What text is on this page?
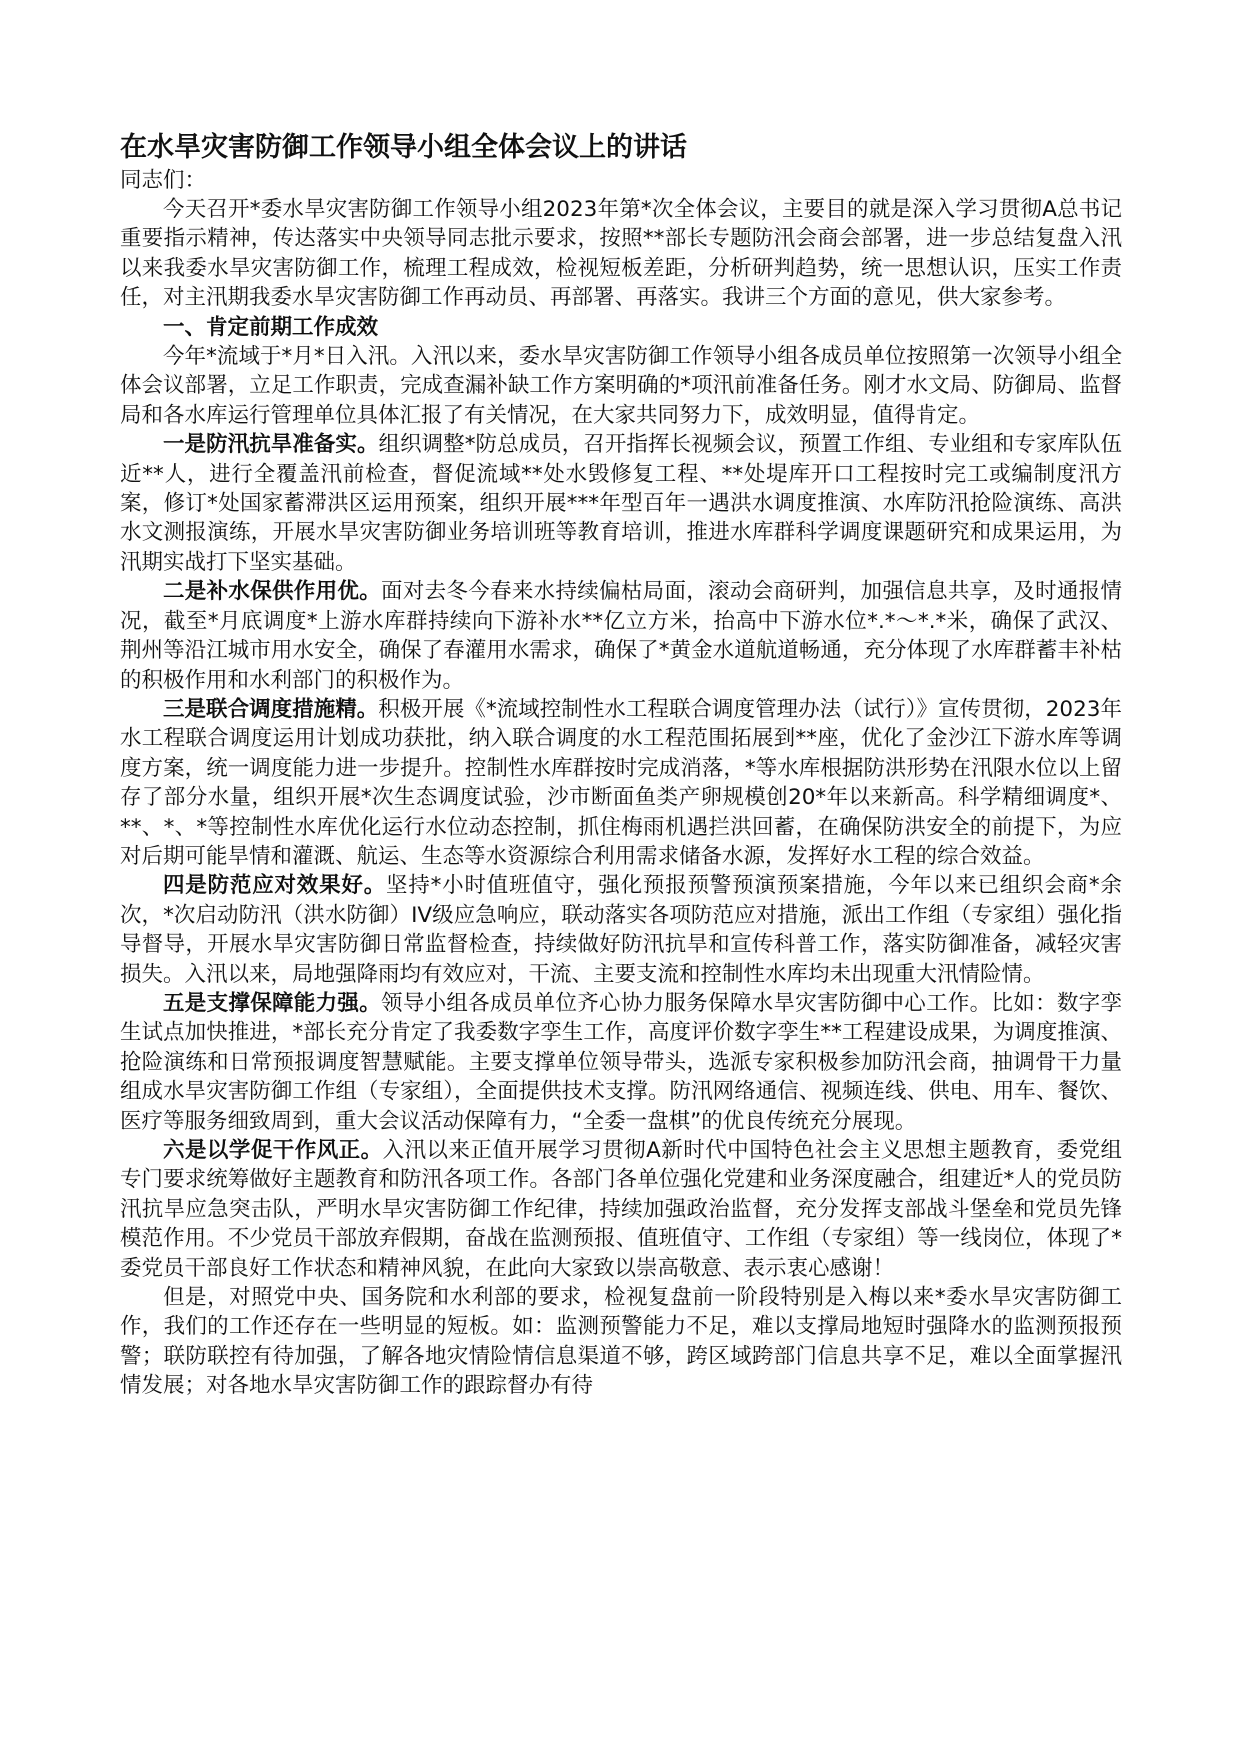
在水旱灾害防御工作领导小组全体会议上的讲话

同志们：

今天召开*委水旱灾害防御工作领导小组2023年第*次全体会议，主要目的就是深入学习贯彻A总书记重要指示精神，传达落实中央领导同志批示要求，按照**部长专题防汛会商会部署，进一步总结复盘入汛以来我委水旱灾害防御工作，梳理工程成效，检视短板差距，分析研判趋势，统一思想认识，压实工作责任，对主汛期我委水旱灾害防御工作再动员、再部署、再落实。我讲三个方面的意见，供大家参考。

一、肯定前期工作成效

今年*流域于*月*日入汛。入汛以来，委水旱灾害防御工作领导小组各成员单位按照第一次领导小组全体会议部署，立足工作职责，完成查漏补缺工作方案明确的*项汛前准备任务。刚才水文局、防御局、监督局和各水库运行管理单位具体汇报了有关情况，在大家共同努力下，成效明显，值得肯定。

一是防汛抗旱准备实。组织调整*防总成员，召开指挥长视频会议，预置工作组、专业组和专家库队伍近**人，进行全覆盖汛前检查，督促流域**处水毁修复工程、**处堤库开口工程按时完工或编制度汛方案，修订*处国家蓄滞洪区运用预案，组织开展***年型百年一遇洪水调度推演、水库防汛抢险演练、高洪水文测报演练，开展水旱灾害防御业务培训班等教育培训，推进水库群科学调度课题研究和成果运用，为汛期实战打下坚实基础。

二是补水保供作用优。面对去冬今春来水持续偏枯局面，滚动会商研判，加强信息共享，及时通报情况，截至*月底调度*上游水库群持续向下游补水**亿立方米，抬高中下游水位*.*～*.*米，确保了武汉、荆州等沿江城市用水安全，确保了春灌用水需求，确保了*黄金水道航道畅通，充分体现了水库群蓄丰补枯的积极作用和水利部门的积极作为。

三是联合调度措施精。积极开展《*流域控制性水工程联合调度管理办法（试行）》宣传贯彻，2023年水工程联合调度运用计划成功获批，纳入联合调度的水工程范围拓展到**座，优化了金沙江下游水库等调度方案，统一调度能力进一步提升。控制性水库群按时完成消落，*等水库根据防洪形势在汛限水位以上留存了部分水量，组织开展*次生态调度试验，沙市断面鱼类产卵规模创20*年以来新高。科学精细调度*、**、*、*等控制性水库优化运行水位动态控制，抓住梅雨机遇拦洪回蓄，在确保防洪安全的前提下，为应对后期可能旱情和灌溉、航运、生态等水资源综合利用需求储备水源，发挥好水工程的综合效益。

四是防范应对效果好。坚持*小时值班值守，强化预报预警预演预案措施，今年以来已组织会商*余次，*次启动防汛（洪水防御）IV级应急响应，联动落实各项防范应对措施，派出工作组（专家组）强化指导督导，开展水旱灾害防御日常监督检查，持续做好防汛抗旱和宣传科普工作，落实防御准备，减轻灾害损失。入汛以来，局地强降雨均有效应对，干流、主要支流和控制性水库均未出现重大汛情险情。

五是支撑保障能力强。领导小组各成员单位齐心协力服务保障水旱灾害防御中心工作。比如：数字孪生试点加快推进，*部长充分肯定了我委数字孪生工作，高度评价数字孪生**工程建设成果，为调度推演、抢险演练和日常预报调度智慧赋能。主要支撑单位领导带头，选派专家积极参加防汛会商，抽调骨干力量组成水旱灾害防御工作组（专家组），全面提供技术支撑。防汛网络通信、视频连线、供电、用车、餐饮、医疗等服务细致周到，重大会议活动保障有力，“全委一盘棋”的优良传统充分展现。

六是以学促干作风正。入汛以来正值开展学习贯彻A新时代中国特色社会主义思想主题教育，委党组专门要求统筹做好主题教育和防汛各项工作。各部门各单位强化党建和业务深度融合，组建近*人的党员防汛抗旱应急突击队，严明水旱灾害防御工作纪律，持续加强政治监督，充分发挥支部战斗堡垒和党员先锋模范作用。不少党员干部放弃假期，奋战在监测预报、值班值守、工作组（专家组）等一线岗位，体现了*委党员干部良好工作状态和精神风貌，在此向大家致以崇高敬意、表示衷心感谢！

但是，对照党中央、国务院和水利部的要求，检视复盘前一阶段特别是入梅以来*委水旱灾害防御工作，我们的工作还存在一些明显的短板。如：监测预警能力不足，难以支撑局地短时强降水的监测预报预警；联防联控有待加强，了解各地灾情险情信息渠道不够，跨区域跨部门信息共享不足，难以全面掌握汛情发展；对各地水旱灾害防御工作的跟踪督办有待
